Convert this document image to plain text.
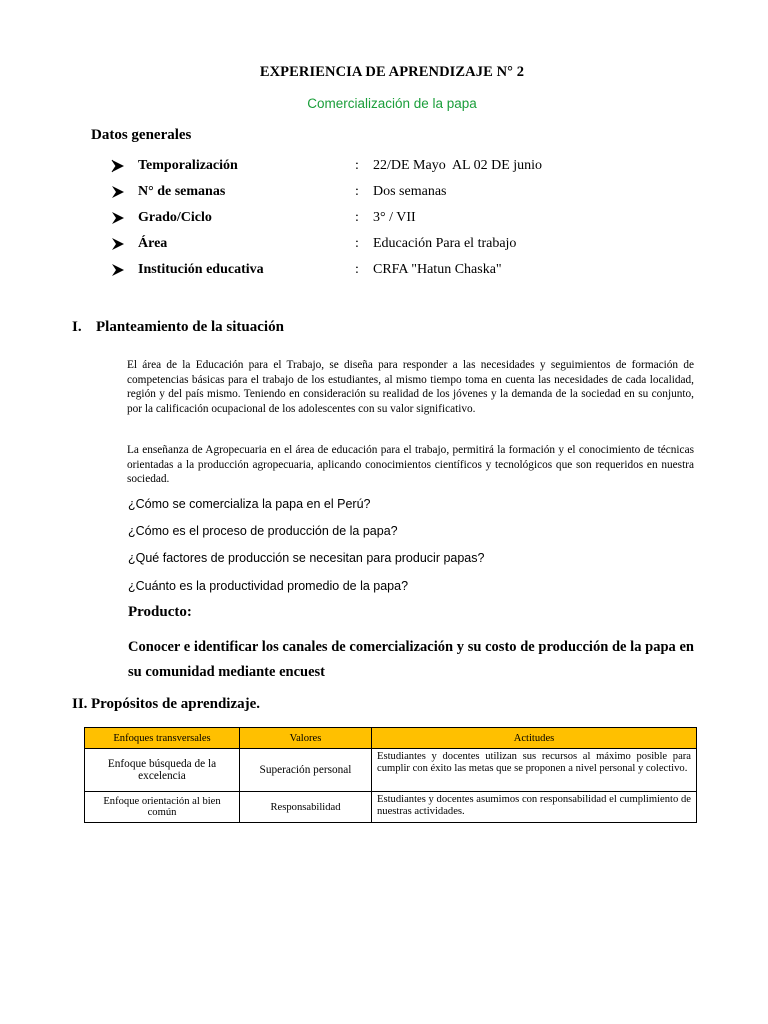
EXPERIENCIA DE APRENDIZAJE N° 2
Comercialización de la papa
Datos generales
Temporalización	: 22/DE Mayo  AL 02 DE junio
N° de semanas	: Dos semanas
Grado/Ciclo	: 3° / VII
Área	: Educación Para el trabajo
Institución educativa	: CRFA "Hatun Chaska"
I. Planteamiento de la situación
El área de la Educación para el Trabajo, se diseña para responder a las necesidades y seguimientos de formación de competencias básicas para el trabajo de los estudiantes, al mismo tiempo toma en cuenta las necesidades de cada localidad, región y del país mismo. Teniendo en consideración su realidad de los jóvenes y la demanda de la sociedad en su conjunto, por la calificación ocupacional de los adolescentes con su valor significativo.
La enseñanza de Agropecuaria en el área de educación para el trabajo, permitirá la formación y el conocimiento de técnicas orientadas a la producción agropecuaria, aplicando conocimientos científicos y tecnológicos que son requeridos en nuestra sociedad.
¿Cómo se comercializa la papa en el Perú?
¿Cómo es el proceso de producción de la papa?
¿Qué factores de producción se necesitan para producir papas?
¿Cuánto es la productividad promedio de la papa?
Producto:
Conocer e identificar los canales de comercialización y su costo de producción de la papa en su comunidad mediante encuest
II. Propósitos de aprendizaje.
Enfoques transversales	Valores	Actitudes
Enfoque búsqueda de la excelencia	Superación personal	Estudiantes y docentes utilizan sus recursos al máximo posible para cumplir con éxito las metas que se proponen a nivel personal y colectivo.
Enfoque orientación al bien común	Responsabilidad	Estudiantes y docentes asumimos con responsabilidad el cumplimiento de nuestras actividades.
